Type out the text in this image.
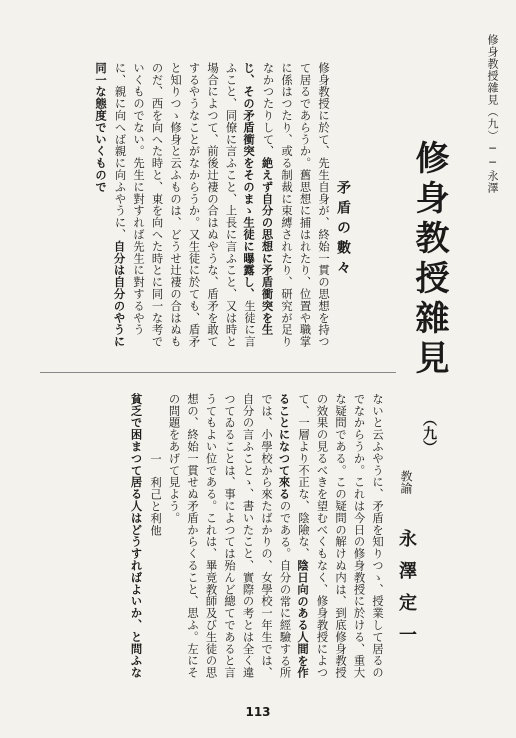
修身教授雜見（九）──永澤
修身教授雜見
（九）
教諭 永澤定一
矛盾の數々

修身教授に於て、先生自身が、終始一貫の思想を持つて居るであらうか。舊思想に捕はれたり、位置や職掌に係はつたり、或る制裁に束縛されたり、研究が足りなかつたりして、絶えず自分の思想に矛盾衝突を生じ、その矛盾衝突をそのまゝ生徒に曝露し、生徒に言ふこと、同僚に言ふこと、上長に言ふこと、又は時と場合によつて、前後辻褄の合はぬやうな、盾矛を敢てするやうなことがなからうか。又生徒に於ても、盾矛と知りつゝ修身と云ふものは、どうせ辻褄の合はぬものだ、西を向へた時と、東を向へた時とに同一な考でいくものでない。先生に對すれば先生に對するやうに、親に向へば親に向ふやうに、自分は自分のやうに同一な態度でいくもので

ないと云ふやうに、矛盾を知りつゝ、授業して居るのでなからうか。これは今日の修身教授に於ける、重大な疑問である。この疑問の解けぬ内は、到底修身教授の效果の見るべきを望むべくもなく、修身教授によつて、一層より不正な、陰險な、陰日向のある人間を作ることになつて來るのである。自分の常に經驗する所では、小學校から來たばかりの、女學校一年生では、自分の言ふことゝ、書いたこと、實際の考とは全く違つてゐることは、事によつては殆んど總てであると言うてもよい位である。これは、畢竟教師及び生徒の思想の、終始一貫せぬ矛盾からくること、思ふ。左にその問題をあげて見よう。

一　利己と利他

貧乏で困まつて居る人はどうすればよいか、と問ふな

113
